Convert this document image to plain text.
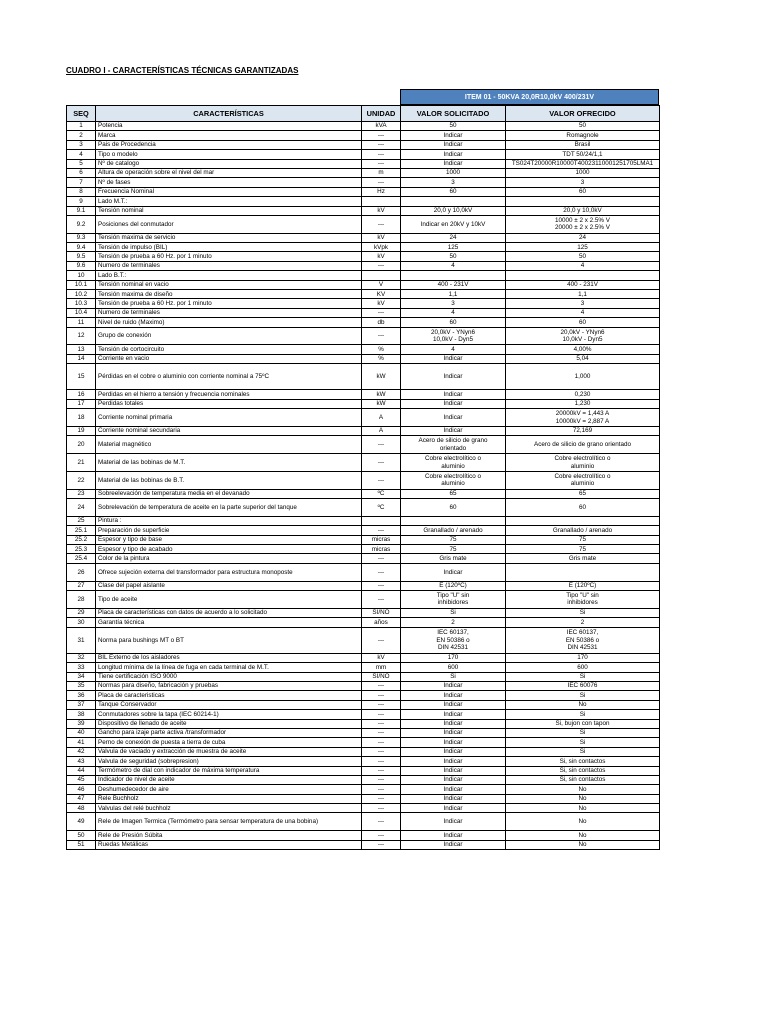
CUADRO I - CARACTERÍSTICAS TÉCNICAS GARANTIZADAS
ITEM 01 - 50KVA 20,0R10,0kV 400/231V
SEQ	CARACTERÍSTICAS	UNIDAD	VALOR SOLICITADO	VALOR OFRECIDO
1	Potencia	kVA	50	50
2	Marca	---	Indicar	Romagnole
3	Pais de Procedencia	---	Indicar	Brasil
4	Tipo o modelo	---	Indicar	TDT 50/24/1,1
5	Nº de catalogo	---	Indicar	TS024T20000R10000T40023110001251705LMA1
6	Altura de operación sobre el nivel del mar	m	1000	1000
7	Nº de fases	---	3	3
8	Frecuencia Nominal	Hz	60	60
9	Lado M.T.:			
9.1	Tensión nominal	kV	20,0 y 10,0kV	20,0 y 10,0kV
9.2	Posiciones del conmutador	---	Indicar en 20kV y 10kV	10000 ± 2 x 2.5% V
20000 ± 2 x 2.5% V
9.3	Tensión maxima de servicio	kV	24	24
9.4	Tensión de impulso (BIL)	kVpk	125	125
9.5	Tensión de prueba a 60 Hz. por 1 minuto	kV	50	50
9.6	Numero de terminales	---	4	4
10	Lado B.T.:			
10.1	Tensión nominal en vacio	V	400 - 231V	400 - 231V
10.2	Tensión maxima de diseño	KV	1,1	1,1
10.3	Tensión de prueba a 60 Hz. por 1 minuto	kV	3	3
10.4	Numero de terminales	---	4	4
11	Nivel de ruido (Maximo)	db	60	60
12	Grupo de conexión	---	20,0kV - YNyn6
10,0kV - Dyn5	20,0kV - YNyn6
10,0kV - Dyn5
13	Tensión de cortocircuito	%	4	4,00%
14	Corriente en vacio	%	Indicar	5,04
15	Pérdidas en el cobre o aluminio con corriente nominal a 75ºC	kW	Indicar	1,000
16	Perdidas en el hierro a tensión y frecuencia nominales	kW	Indicar	0,230
17	Perdidas totales	kW	Indicar	1,230
18	Corriente nominal primaria	A	Indicar	20000kV = 1,443 A
10000kV = 2,887 A
19	Corriente nominal secundaria	A	Indicar	72,169
20	Material magnético	---	Acero de silicio de grano
orientado	Acero de silicio de grano orientado
21	Material de las bobinas de M.T.	---	Cobre electrolítico o
aluminio	Cobre electrolítico o
aluminio
22	Material de las bobinas de B.T.	---	Cobre electrolítico o
aluminio	Cobre electrolítico o
aluminio
23	Sobreelevación de temperatura media en el devanado	ºC	65	65
24	Sobrelevación de temperatura de aceite en la parte superior del tanque	ºC	60	60
25	Pintura :			
25.1	Preparación de superficie	---	Granallado / arenado	Granallado / arenado
25.2	Espesor y tipo de base	micras	75	75
25.3	Espesor y tipo de acabado	micras	75	75
25.4	Color de la pintura	---	Gris mate	Gris mate
26	Ofrece sujeción externa del transformador para estructura monoposte	---	Indicar	
27	Clase del papel aislante	---	E (120ºC)	E (120ºC)
28	Tipo de aceite	---	Tipo "U" sin
inhibidores	Tipo "U" sin
inhibidores
29	Placa de características con datos de acuerdo a lo solicitado	SI/NO	Si	Si
30	Garantía técnica	años	2	2
31	Norma para bushings MT o BT	---	IEC 60137,
EN 50386 o
DIN 42531	IEC 60137,
EN 50386 o
DIN 42531
32	BIL Externo de los aisladores	kV	170	170
33	Longitud mínima de la línea de fuga en cada terminal de M.T.	mm	600	600
34	Tiene certificación ISO 9000	SI/NO	Si	Si
35	Normas para diseño, fabricación y pruebas	---	Indicar	IEC 60076
36	Placa de caracteristicas	---	Indicar	Si
37	Tanque Conservador	---	Indicar	No
38	Conmutadores sobre la tapa (IEC 60214-1)	---	Indicar	Si
39	Dispositivo de llenado de aceite	---	Indicar	Si, bujon con tapon
40	Gancho para izaje parte activa /transformador	---	Indicar	Si
41	Perno de conexión de puesta a tierra de cuba	---	Indicar	Si
42	Valvula de vaciado y extracción de muestra de aceite	---	Indicar	Si
43	Valvula de seguridad (sobrepresion)	---	Indicar	Si, sin contactos
44	Termómetro de dial con indicador de máxima temperatura	---	Indicar	Si, sin contactos
45	Indicador de nivel de aceite	---	Indicar	Si, sin contactos
46	Deshumedecedor de aire	---	Indicar	No
47	Rele Buchholz	---	Indicar	No
48	Valvulas del relé buchholz	---	Indicar	No
49	Rele de Imagen Termica (Termómetro para sensar temperatura de una bobina)	---	Indicar	No
50	Rele de Presión Súbita	---	Indicar	No
51	Ruedas Metálicas	---	Indicar	No
